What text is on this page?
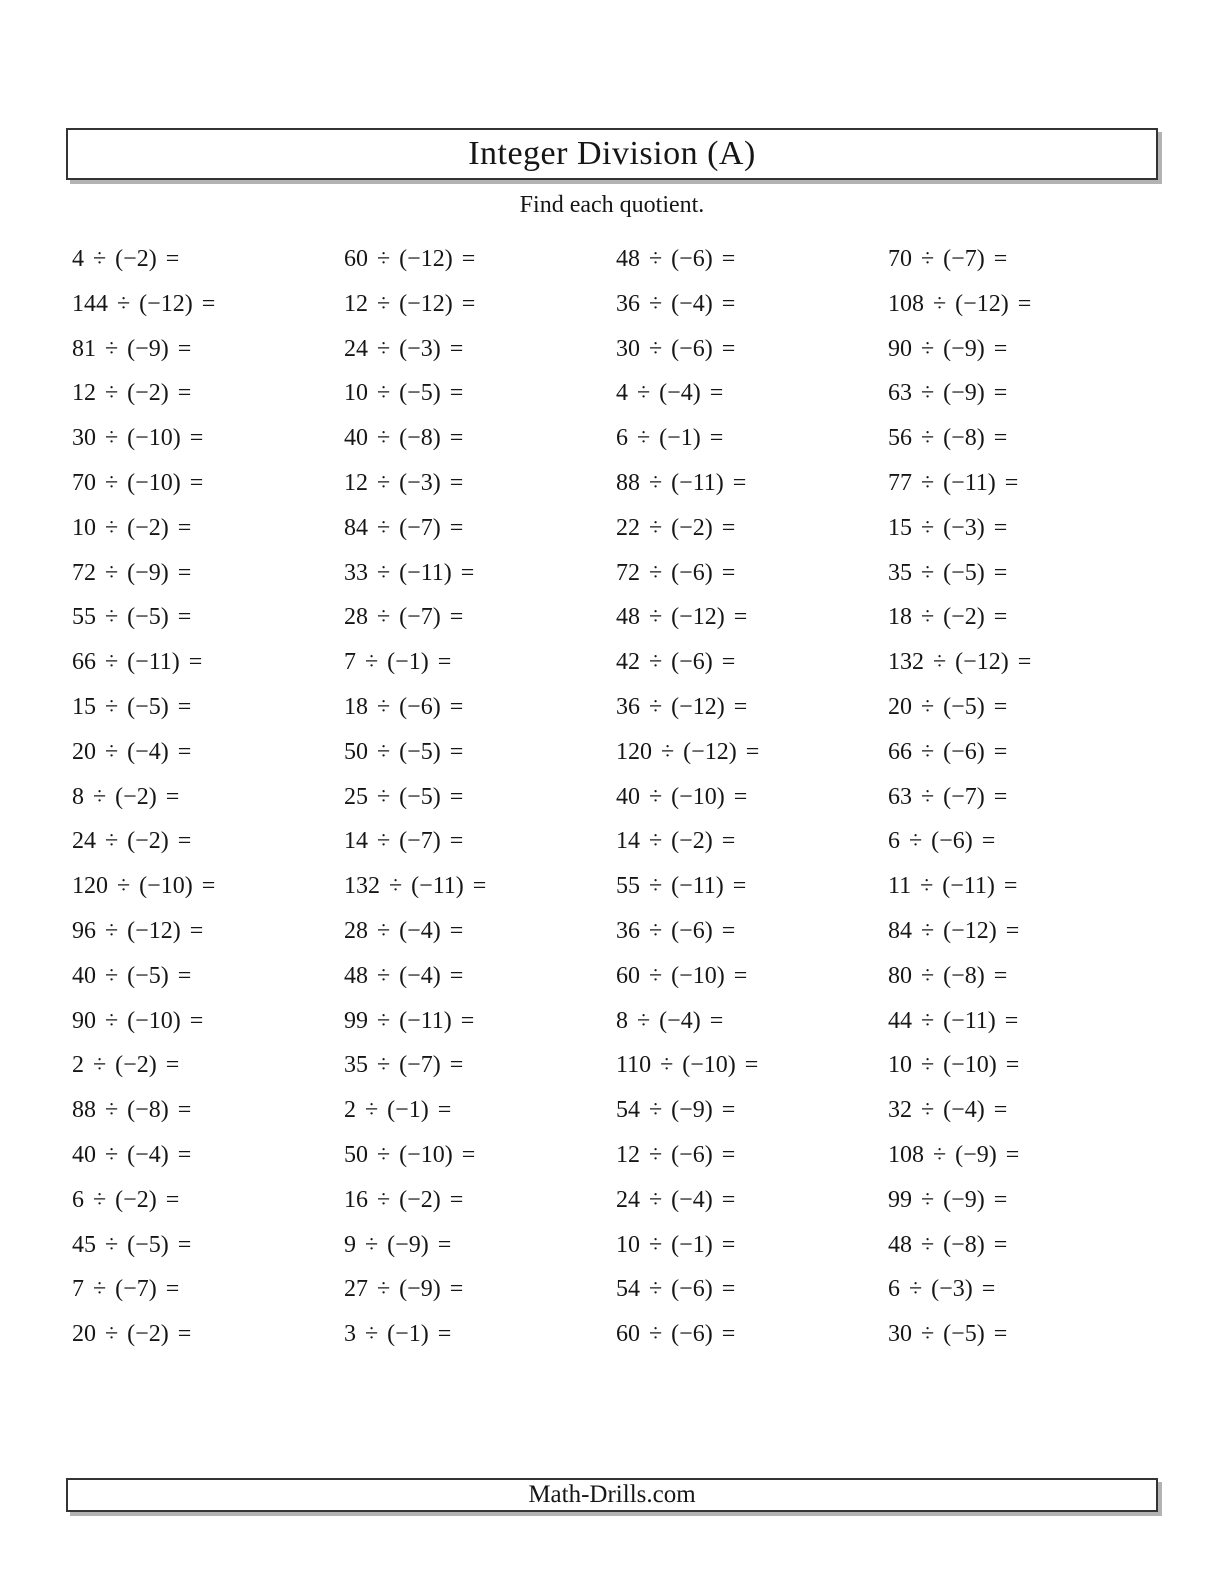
Integer Division (A)
Find each quotient.
4 ÷ (−2) =
144 ÷ (−12) =
81 ÷ (−9) =
12 ÷ (−2) =
30 ÷ (−10) =
70 ÷ (−10) =
10 ÷ (−2) =
72 ÷ (−9) =
55 ÷ (−5) =
66 ÷ (−11) =
15 ÷ (−5) =
20 ÷ (−4) =
8 ÷ (−2) =
24 ÷ (−2) =
120 ÷ (−10) =
96 ÷ (−12) =
40 ÷ (−5) =
90 ÷ (−10) =
2 ÷ (−2) =
88 ÷ (−8) =
40 ÷ (−4) =
6 ÷ (−2) =
45 ÷ (−5) =
7 ÷ (−7) =
20 ÷ (−2) =
60 ÷ (−12) =
12 ÷ (−12) =
24 ÷ (−3) =
10 ÷ (−5) =
40 ÷ (−8) =
12 ÷ (−3) =
84 ÷ (−7) =
33 ÷ (−11) =
28 ÷ (−7) =
7 ÷ (−1) =
18 ÷ (−6) =
50 ÷ (−5) =
25 ÷ (−5) =
14 ÷ (−7) =
132 ÷ (−11) =
28 ÷ (−4) =
48 ÷ (−4) =
99 ÷ (−11) =
35 ÷ (−7) =
2 ÷ (−1) =
50 ÷ (−10) =
16 ÷ (−2) =
9 ÷ (−9) =
27 ÷ (−9) =
3 ÷ (−1) =
48 ÷ (−6) =
36 ÷ (−4) =
30 ÷ (−6) =
4 ÷ (−4) =
6 ÷ (−1) =
88 ÷ (−11) =
22 ÷ (−2) =
72 ÷ (−6) =
48 ÷ (−12) =
42 ÷ (−6) =
36 ÷ (−12) =
120 ÷ (−12) =
40 ÷ (−10) =
14 ÷ (−2) =
55 ÷ (−11) =
36 ÷ (−6) =
60 ÷ (−10) =
8 ÷ (−4) =
110 ÷ (−10) =
54 ÷ (−9) =
12 ÷ (−6) =
24 ÷ (−4) =
10 ÷ (−1) =
54 ÷ (−6) =
60 ÷ (−6) =
70 ÷ (−7) =
108 ÷ (−12) =
90 ÷ (−9) =
63 ÷ (−9) =
56 ÷ (−8) =
77 ÷ (−11) =
15 ÷ (−3) =
35 ÷ (−5) =
18 ÷ (−2) =
132 ÷ (−12) =
20 ÷ (−5) =
66 ÷ (−6) =
63 ÷ (−7) =
6 ÷ (−6) =
11 ÷ (−11) =
84 ÷ (−12) =
80 ÷ (−8) =
44 ÷ (−11) =
10 ÷ (−10) =
32 ÷ (−4) =
108 ÷ (−9) =
99 ÷ (−9) =
48 ÷ (−8) =
6 ÷ (−3) =
30 ÷ (−5) =
Math-Drills.com
